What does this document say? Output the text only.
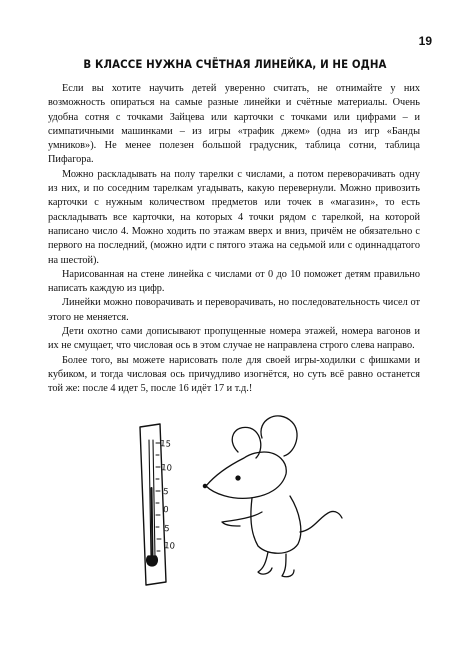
19
В КЛАССЕ НУЖНА СЧЁТНАЯ ЛИНЕЙКА, И НЕ ОДНА

Если вы хотите научить детей уверенно считать, не отнимайте у них возможность опираться на самые разные линейки и счётные материалы. Очень удобна сотня с точками Зайцева или карточки с точками или цифрами – и симпатичными машинками – из игры «трафик джем» (одна из игр «Банды умников»). Не менее полезен большой градусник, таблица сотни, таблица Пифагора.

Можно раскладывать на полу тарелки с числами, а потом переворачивать одну из них, и по соседним тарелкам угадывать, какую перевернули. Можно привозить карточки с нужным количеством предметов или точек в «магазин», то есть раскладывать все карточки, на которых 4 точки рядом с тарелкой, на которой написано число 4. Можно ходить по этажам вверх и вниз, причём не обязательно с первого на последний, (можно идти с пятого этажа на седьмой или с одиннадцатого на шестой).

Нарисованная на стене линейка с числами от 0 до 10 поможет детям правильно написать каждую из цифр.

Линейки можно поворачивать и переворачивать, но последовательность чисел от этого не меняется.

Дети охотно сами дописывают пропущенные номера этажей, номера вагонов и их не смущает, что числовая ось в этом случае не направлена строго слева направо.

Более того, вы можете нарисовать поле для своей игры-ходилки с фишками и кубиком, и тогда числовая ось причудливо изогнётся, но суть всё равно останется той же: после 4 идет 5, после 16 идёт 17 и т.д.!

15
10
5
0
5
10
